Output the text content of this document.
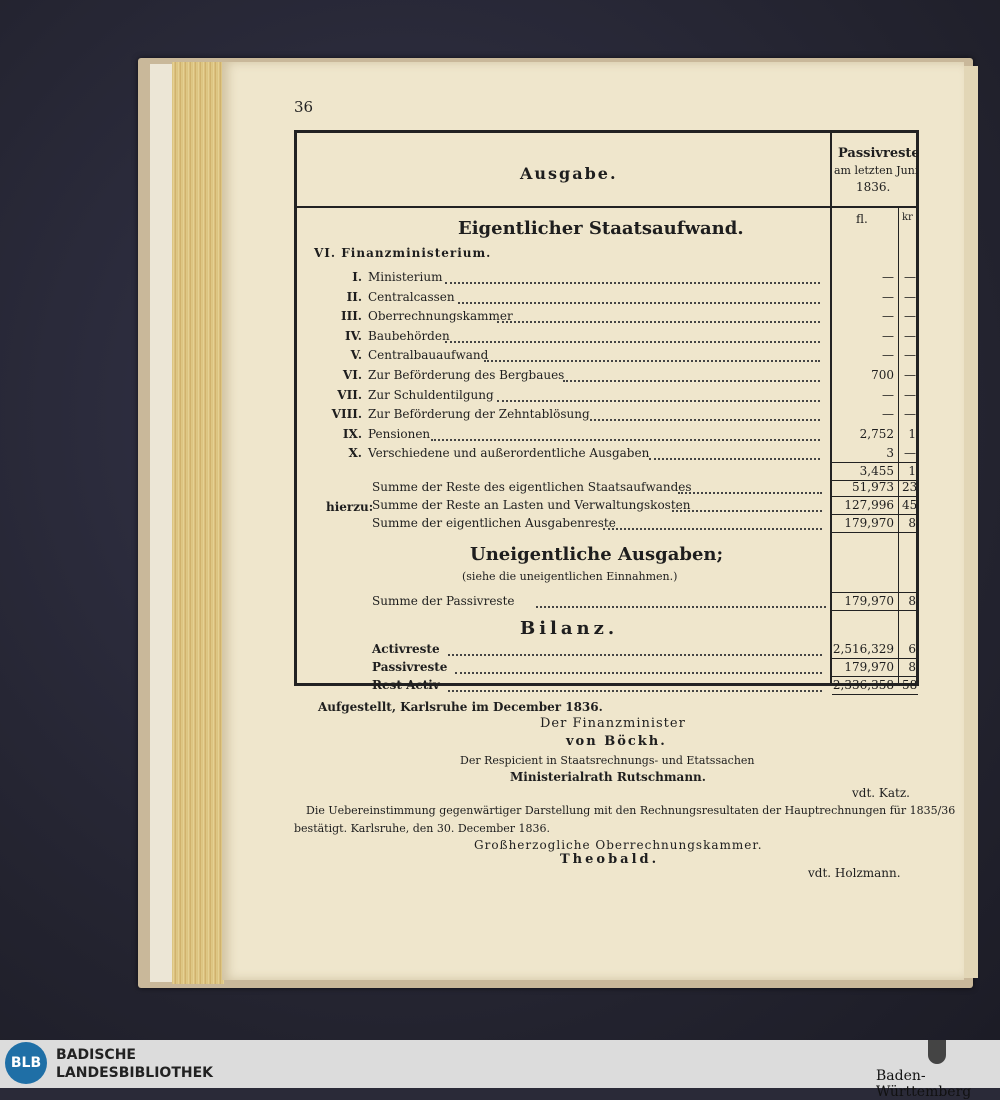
36
Ausgabe.
Passivreste
am letzten Juni
1836.
fl.	kr
Eigentlicher Staatsaufwand.
VI. Finanzministerium.
I. Ministerium	— —
II. Centralcassen	— —
III. Oberrechnungskammer	— —
IV. Baubehörden	— —
V. Centralbauaufwand	— —
VI. Zur Beförderung des Bergbaues	700 —
VII. Zur Schuldentilgung	— —
VIII. Zur Beförderung der Zehntablösung	— —
IX. Pensionen	2,752	1
X. Verschiedene und außerordentliche Ausgaben	3 —
3,455	1
hierzu:
Summe der Reste des eigentlichen Staatsaufwandes	51,973 23
Summe der Reste an Lasten und Verwaltungskosten	127,996 45
Summe der eigentlichen Ausgabenreste	179,970	8
Uneigentliche Ausgaben;
(siehe die uneigentlichen Einnahmen.)
Summe der Passivreste	179,970	8
Bilanz.
Activreste	2,516,329	6
Passivreste	179,970	8
Rest Activ	2,336,358 58
Aufgestellt, Karlsruhe im December 1836.
Der Finanzminister
von Böckh.
Der Respicient in Staatsrechnungs- und Etatssachen
Ministerialrath Rutschmann.
vdt. Katz.
Die Uebereinstimmung gegenwärtiger Darstellung mit den Rechnungsresultaten der Hauptrechnungen für 1835/36
bestätigt. Karlsruhe, den 30. December 1836.
Großherzogliche Oberrechnungskammer.
Theobald.
vdt. Holzmann.
BLB	BADISCHE
LANDESBIBLIOTHEK	Baden-Württemberg
